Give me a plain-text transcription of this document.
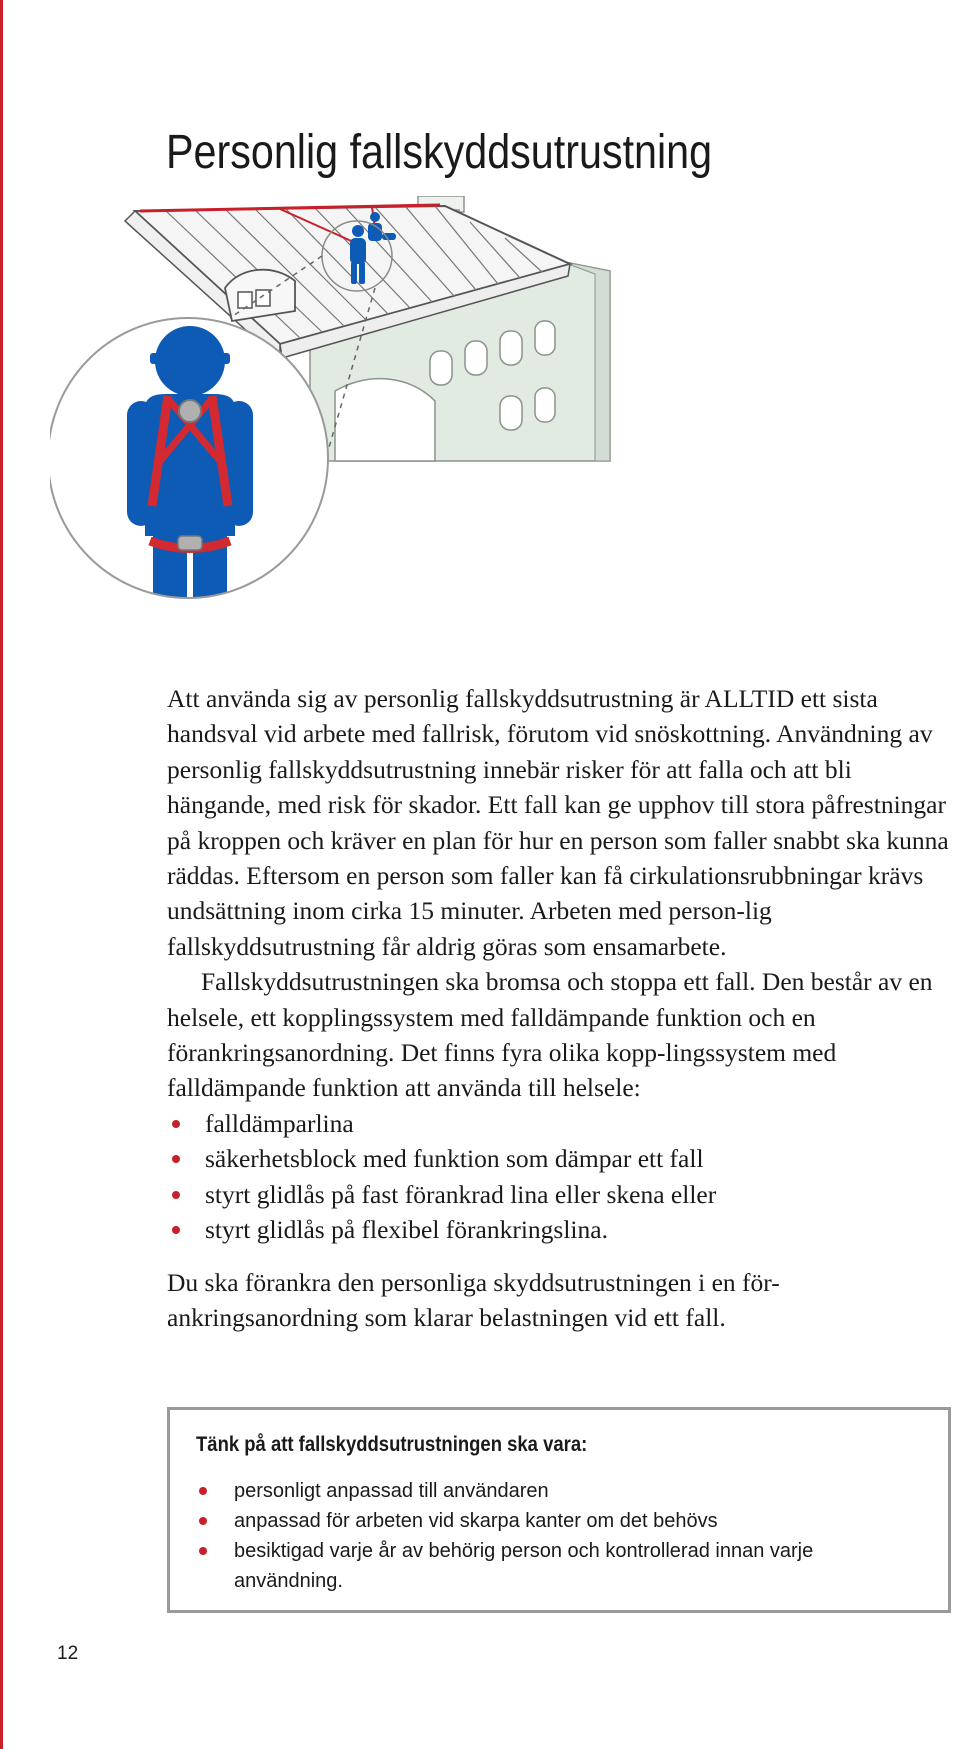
Personlig fallskyddsutrustning

Att använda sig av personlig fallskyddsutrustning är ALLTID ett sista handsval vid arbete med fallrisk, förutom vid snöskottning. Användning av personlig fallskyddsutrustning innebär risker för att falla och att bli hängande, med risk för skador. Ett fall kan ge upphov till stora påfrestningar på kroppen och kräver en plan för hur en person som faller snabbt ska kunna räddas. Eftersom en person som faller kan få cirkulationsrubbningar krävs undsättning inom cirka 15 minuter. Arbeten med person-lig fallskyddsutrustning får aldrig göras som ensamarbete.

Fallskyddsutrustningen ska bromsa och stoppa ett fall. Den består av en helsele, ett kopplingssystem med falldämpande funktion och en förankringsanordning. Det finns fyra olika kopp-lingssystem med falldämpande funktion att använda till helsele:

falldämparlina
säkerhetsblock med funktion som dämpar ett fall
styrt glidlås på fast förankrad lina eller skena eller
styrt glidlås på flexibel förankringslina.

Du ska förankra den personliga skyddsutrustningen i en för-ankringsanordning som klarar belastningen vid ett fall.

Tänk på att fallskyddsutrustningen ska vara:
personligt anpassad till användaren
anpassad för arbeten vid skarpa kanter om det behövs
besiktigad varje år av behörig person och kontrollerad innan varje användning.
12
